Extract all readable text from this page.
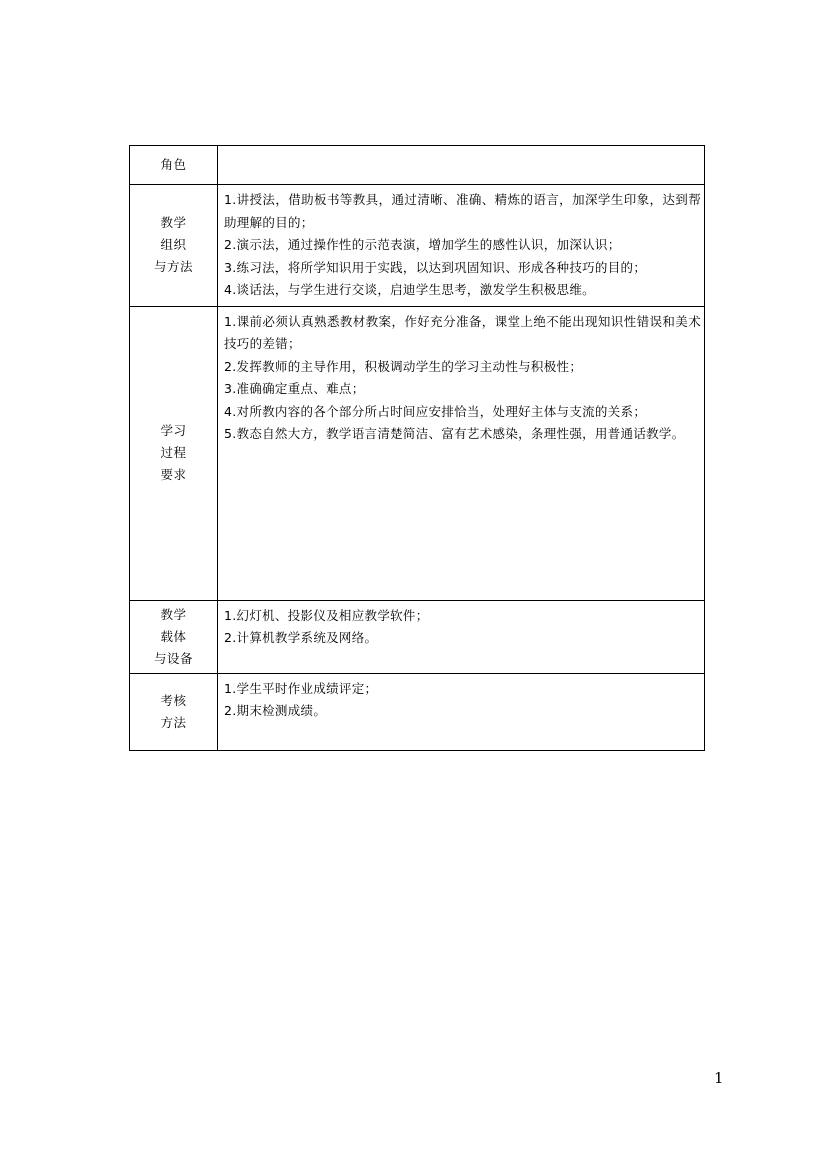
角色	

教学
组织
与方法	1.讲授法，借助板书等教具，通过清晰、准确、精炼的语言，加深学生印象，达到帮助理解的目的；
2.演示法，通过操作性的示范表演，增加学生的感性认识，加深认识；
3.练习法，将所学知识用于实践，以达到巩固知识、形成各种技巧的目的；
4.谈话法，与学生进行交谈，启迪学生思考，激发学生积极思维。

学习
过程
要求	1.课前必须认真熟悉教材教案，作好充分准备，课堂上绝不能出现知识性错误和美术技巧的差错；
2.发挥教师的主导作用，积极调动学生的学习主动性与积极性；
3.准确确定重点、难点；
4.对所教内容的各个部分所占时间应安排恰当，处理好主体与支流的关系；
5.教态自然大方，教学语言清楚简洁、富有艺术感染，条理性强，用普通话教学。

教学
载体
与设备	1.幻灯机、投影仪及相应教学软件；
2.计算机教学系统及网络。

考核
方法	1.学生平时作业成绩评定；
2.期末检测成绩。
1
